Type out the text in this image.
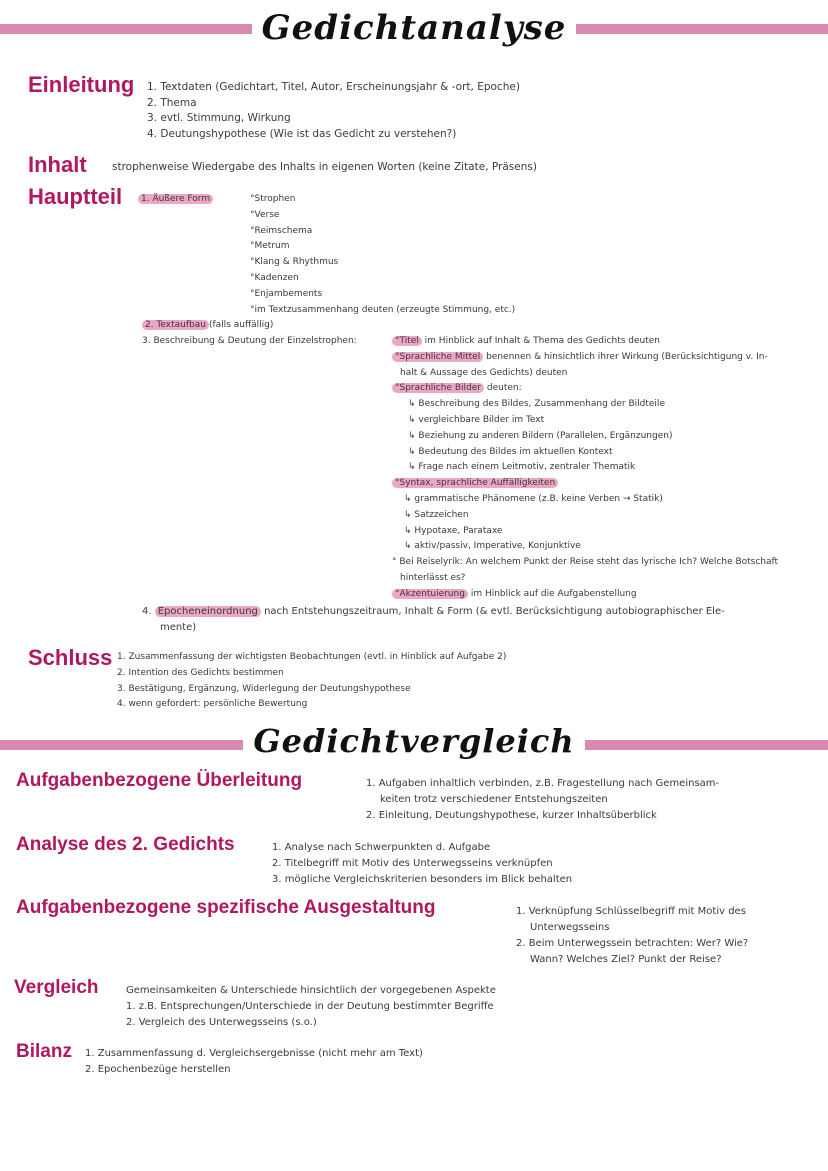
Gedichtanalyse
Einleitung 1. Textdaten (Gedichtart, Titel, Autor, Erscheinungsjahr & -ort, Epoche)
2. Thema
3. evtl. Stimmung, Wirkung
4. Deutungshypothese (Wie ist das Gedicht zu verstehen?)
Inhalt strophenweise Wiedergabe des Inhalts in eigenen Worten (keine Zitate, Präsens)
Hauptteil	1. Äußere Form	°Strophen
°Verse
°Reimschema
°Metrum
°Klang & Rhythmus
°Kadenzen
°Enjambements
°im Textzusammenhang deuten (erzeugte Stimmung, etc.)
2. Textaufbau (falls auffällig)
3. Beschreibung & Deutung der Einzelstrophen:	°Titel im Hinblick auf Inhalt & Thema des Gedichts deuten
°Sprachliche Mittel benennen & hinsichtlich ihrer Wirkung (Berücksichtigung v. In-
halt & Aussage des Gedichts) deuten
°Sprachliche Bilder deuten:
↳ Beschreibung des Bildes, Zusammenhang der Bildteile
↳ vergleichbare Bilder im Text
↳ Beziehung zu anderen Bildern (Parallelen, Ergänzungen)
↳ Bedeutung des Bildes im aktuellen Kontext
↳ Frage nach einem Leitmotiv, zentraler Thematik
°Syntax, sprachliche Auffälligkeiten
↳ grammatische Phänomene (z.B. keine Verben → Statik)
↳ Satzzeichen
↳ Hypotaxe, Parataxe
↳ aktiv/passiv, Imperative, Konjunktive
° Bei Reiselyrik: An welchem Punkt der Reise steht das lyrische Ich? Welche Botschaft
hinterlässt es?
°Akzentuierung im Hinblick auf die Aufgabenstellung
4. Epocheneinordnung nach Entstehungszeitraum, Inhalt & Form (& evtl. Berücksichtigung autobiographischer Ele-
mente)
Schluss 1. Zusammenfassung der wichtigsten Beobachtungen (evtl. in Hinblick auf Aufgabe 2)
2. Intention des Gedichts bestimmen
3. Bestätigung, Ergänzung, Widerlegung der Deutungshypothese
4. wenn gefordert: persönliche Bewertung
Gedichtvergleich
Aufgabenbezogene Überleitung	1. Aufgaben inhaltlich verbinden, z.B. Fragestellung nach Gemeinsam-
keiten trotz verschiedener Entstehungszeiten
2. Einleitung, Deutungshypothese, kurzer Inhaltsüberblick
Analyse des 2. Gedichts	1. Analyse nach Schwerpunkten d. Aufgabe
2. Titelbegriff mit Motiv des Unterwegsseins verknüpfen
3. mögliche Vergleichskriterien besonders im Blick behalten
Aufgabenbezogene spezifische Ausgestaltung	1. Verknüpfung Schlüsselbegriff mit Motiv des
Unterwegsseins
2. Beim Unterwegssein betrachten: Wer? Wie?
Wann? Welches Ziel? Punkt der Reise?
Vergleich	Gemeinsamkeiten & Unterschiede hinsichtlich der vorgegebenen Aspekte
1. z.B. Entsprechungen/Unterschiede in der Deutung bestimmter Begriffe
2. Vergleich des Unterwegsseins (s.o.)
Bilanz 1. Zusammenfassung d. Vergleichsergebnisse (nicht mehr am Text)
2. Epochenbezüge herstellen
